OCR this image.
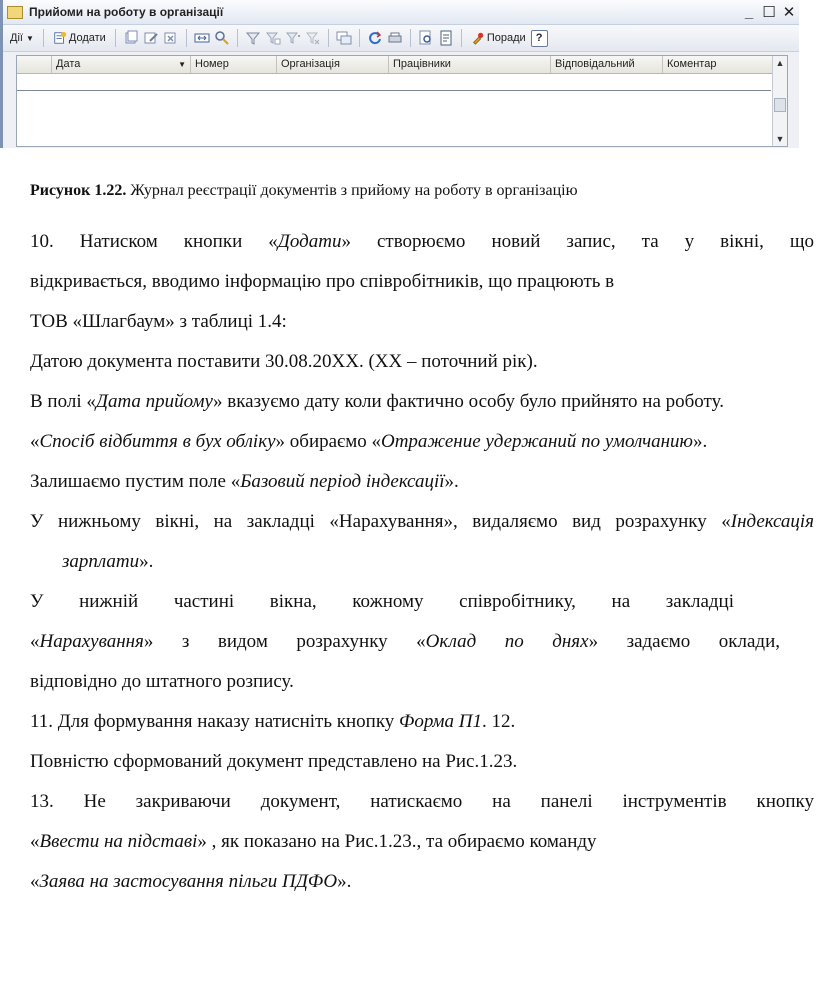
Прийоми на роботу в організації	_ ☐ ✕
Дії ▼	Додати	Поради ?
Дата	▼ Номер	Організація	Працівники	Відповідальний	Коментар	▲
▼
Рисунок 1.22. Журнал реєстрації документів з прийому на роботу в організацію

10. Натиском кнопки «Додати» створюємо новий запис, та у вікні, що

відкривається, вводимо інформацію про співробітників, що працюють в

ТОВ «Шлагбаум» з таблиці 1.4:

Датою документа поставити 30.08.20ХХ. (ХХ – поточний рік).

В полі «Дата прийому» вказуємо дату коли фактично особу було прийнято на роботу.

«Спосіб відбиття в бух обліку» обираємо «Отражение удержаний по умолчанию».

Залишаємо пустим поле «Базовий період індексації».

У нижньому вікні, на закладці «Нарахування», видаляємо вид розрахунку «Індексація зарплати».

У нижній частині вікна, кожному співробітнику, на закладці

«Нарахування» з видом розрахунку «Оклад по днях» задаємо оклади,

відповідно до штатного розпису.

11. Для формування наказу натисніть кнопку Форма П1. 12.

Повністю сформований документ представлено на Рис.1.23.

13. Не закриваючи документ, натискаємо на панелі інструментів кнопку

«Ввести на підставі» , як показано на Рис.1.23., та обираємо команду

«Заява на застосування пільги ПДФО».
